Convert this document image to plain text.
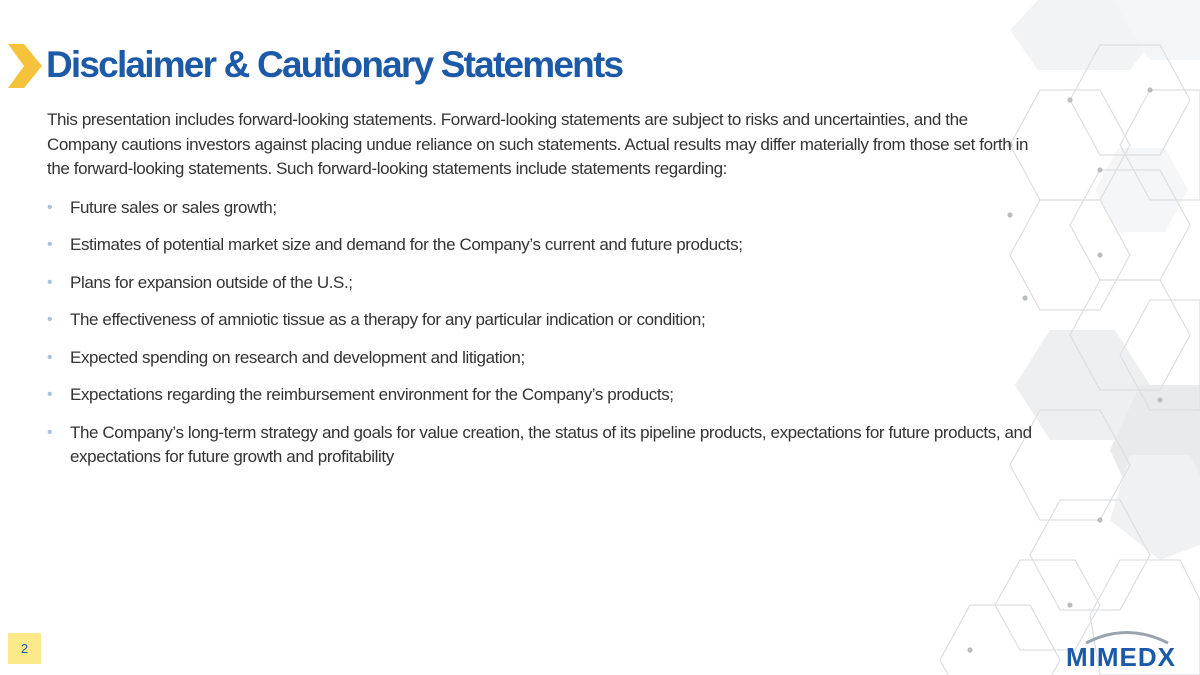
Disclaimer & Cautionary Statements

This presentation includes forward-looking statements. Forward-looking statements are subject to risks and uncertainties, and the Company cautions investors against placing undue reliance on such statements. Actual results may differ materially from those set forth in the forward-looking statements. Such forward-looking statements include statements regarding:

• Future sales or sales growth;
• Estimates of potential market size and demand for the Company’s current and future products;
• Plans for expansion outside of the U.S.;
• The effectiveness of amniotic tissue as a therapy for any particular indication or condition;
• Expected spending on research and development and litigation;
• Expectations regarding the reimbursement environment for the Company’s products;
• The Company’s long-term strategy and goals for value creation, the status of its pipeline products, expectations for future products, and expectations for future growth and profitability
2	MIMEDX
